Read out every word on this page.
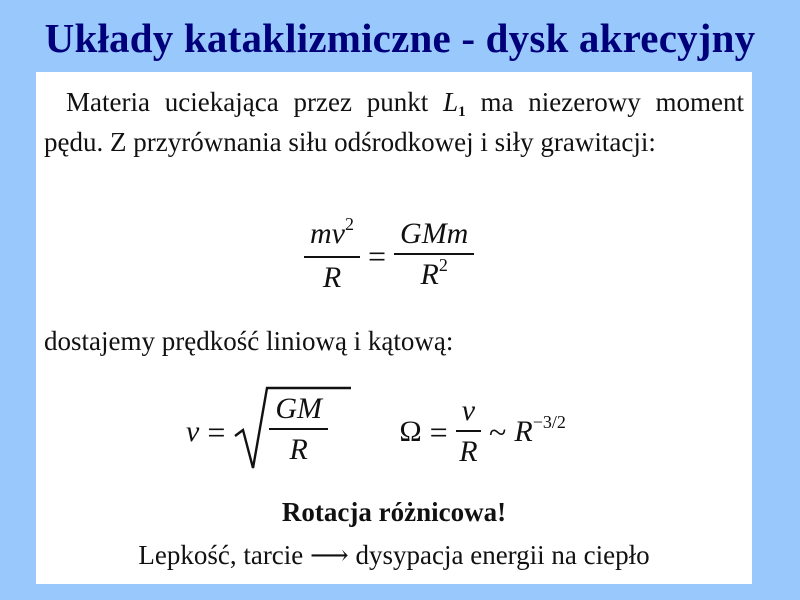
Układy kataklizmiczne - dysk akrecyjny
Materia uciekająca przez punkt L1 ma niezerowy moment pędu. Z przyrównania siłu odśrodkowej i siły grawitacji:
$\frac{mv^2}{R} = \frac{\text{GMm}}{R^2}$
dostajemy prędkość liniową i kątową:
$v = \frac{GM}{R}$ $\Omega = \frac{v}{R}$ ~ $R^{-3/2}$
Rotacja różnicowa!
Lepkość, tarcie ⟶ dysypacja energii na ciepło
